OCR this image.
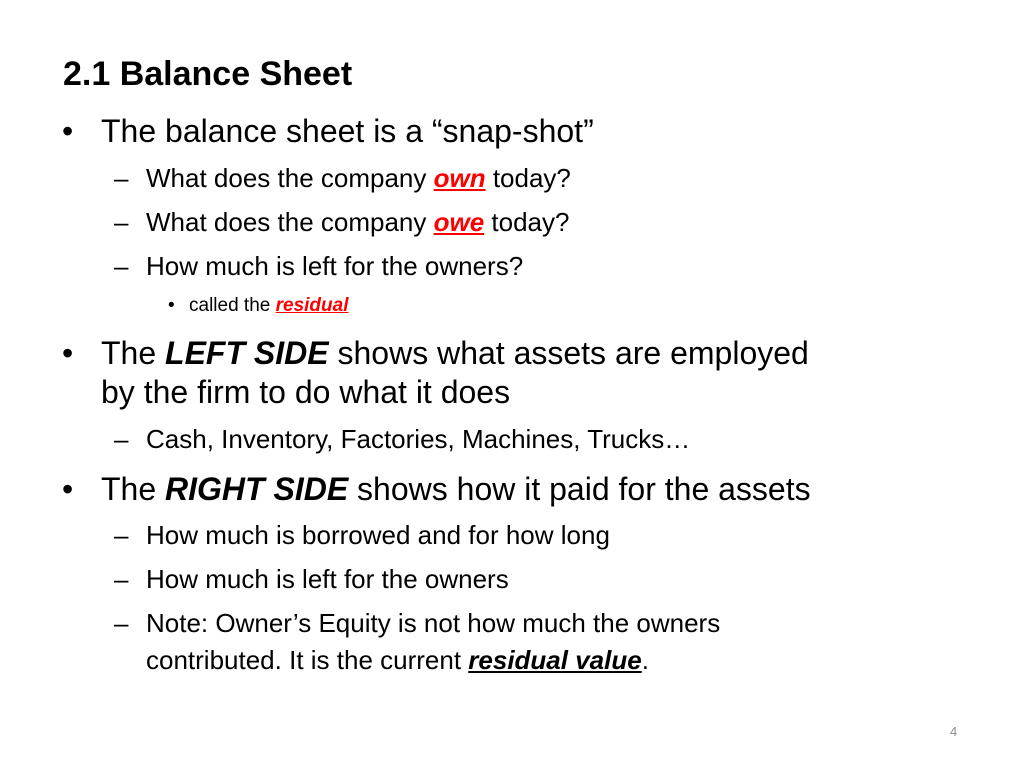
2.1 Balance Sheet
• The balance sheet is a “snap-shot”
– What does the company own today?
– What does the company owe today?
– How much is left for the owners?
• called the residual
• The LEFT SIDE shows what assets are employed
by the firm to do what it does
– Cash, Inventory, Factories, Machines, Trucks…
• The RIGHT SIDE shows how it paid for the assets
– How much is borrowed and for how long
– How much is left for the owners
– Note: Owner’s Equity is not how much the owners
contributed. It is the current residual value.
4
